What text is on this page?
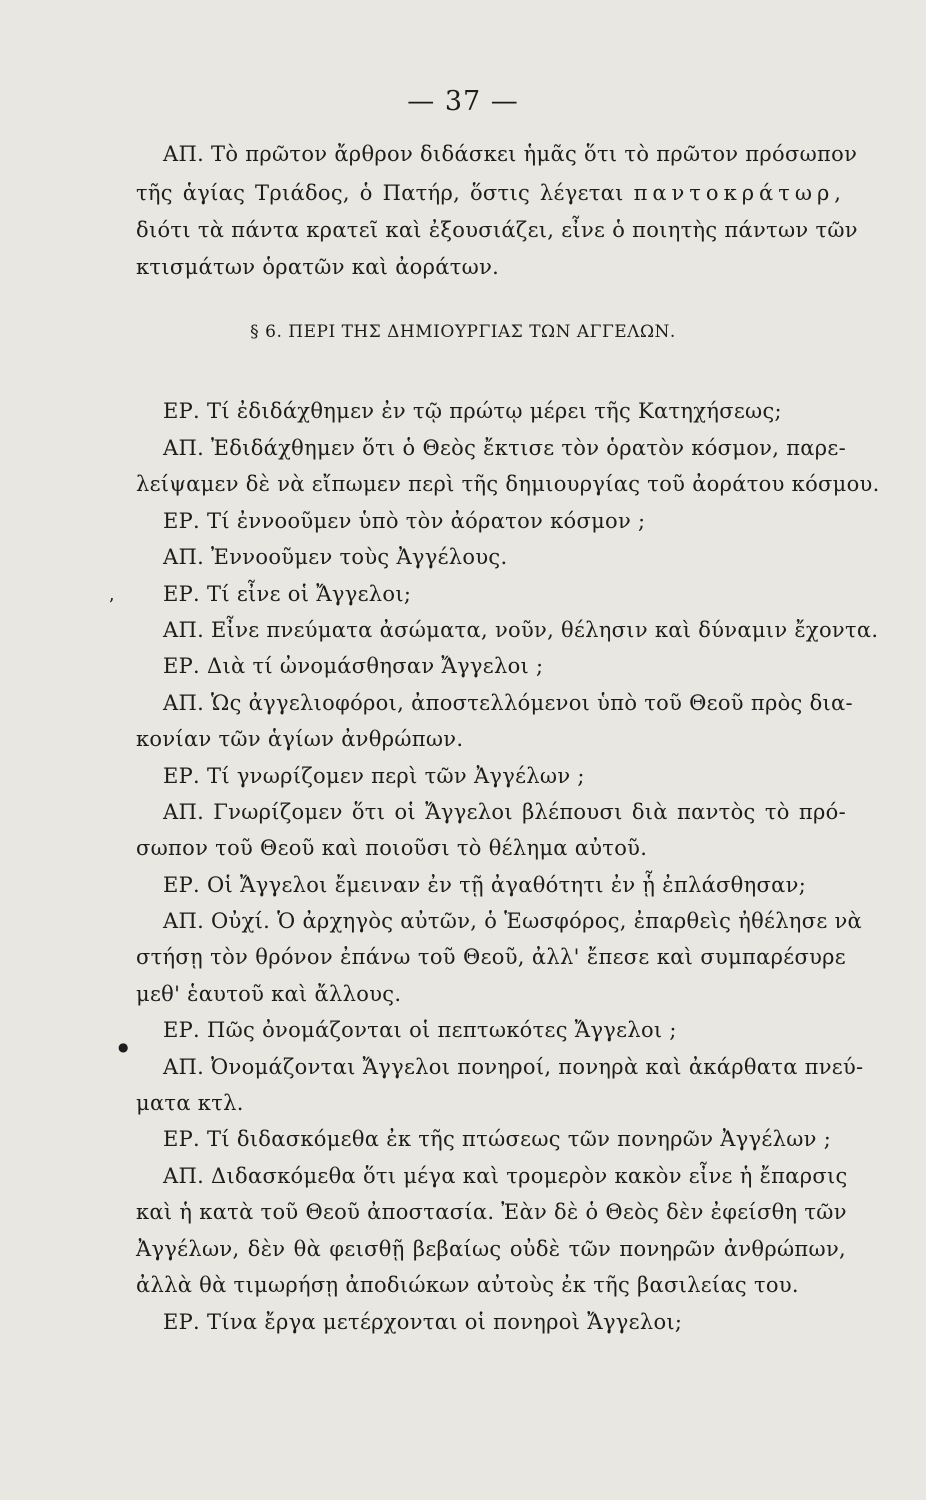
— 37 —
ΑΠ. Τὸ πρῶτον ἄρθρον διδάσκει ἡμᾶς ὅτι τὸ πρῶτον πρόσωπον
τῆς ἁγίας Τριάδος, ὁ Πατήρ, ὅστις λέγεται παντοκράτωρ,
διότι τὰ πάντα κρατεῖ καὶ ἐξουσιάζει, εἶνε ὁ ποιητὴς πάντων τῶν
κτισμάτων ὁρατῶν καὶ ἀοράτων.
§ 6. ΠΕΡΙ ΤΗΣ ΔΗΜΙΟΥΡΓΙΑΣ ΤΩΝ ΑΓΓΕΛΩΝ.
ΕΡ. Τί ἐδιδάχθημεν ἐν τῷ πρώτῳ μέρει τῆς Κατηχήσεως;
ΑΠ. Ἐδιδάχθημεν ὅτι ὁ Θεὸς ἔκτισε τὸν ὁρατὸν κόσμον, παρε-
λείψαμεν δὲ νὰ εἴπωμεν περὶ τῆς δημιουργίας τοῦ ἀοράτου κόσμου.
ΕΡ. Τί ἐννοοῦμεν ὑπὸ τὸν ἀόρατον κόσμον ;
ΑΠ. Ἐννοοῦμεν τοὺς Ἀγγέλους.
ΕΡ. Τί εἶνε οἱ Ἄγγελοι;
ΑΠ. Εἶνε πνεύματα ἀσώματα, νοῦν, θέλησιν καὶ δύναμιν ἔχοντα.
ΕΡ. Διὰ τί ὠνομάσθησαν Ἄγγελοι ;
ΑΠ. Ὡς ἀγγελιοφόροι, ἀποστελλόμενοι ὑπὸ τοῦ Θεοῦ πρὸς δια-
κονίαν τῶν ἁγίων ἀνθρώπων.
ΕΡ. Τί γνωρίζομεν περὶ τῶν Ἀγγέλων ;
ΑΠ. Γνωρίζομεν ὅτι οἱ Ἄγγελοι βλέπουσι διὰ παντὸς τὸ πρό-
σωπον τοῦ Θεοῦ καὶ ποιοῦσι τὸ θέλημα αὐτοῦ.
ΕΡ. Οἱ Ἄγγελοι ἔμειναν ἐν τῇ ἀγαθότητι ἐν ᾗ ἐπλάσθησαν;
ΑΠ. Οὐχί. Ὁ ἀρχηγὸς αὐτῶν, ὁ Ἑωσφόρος, ἐπαρθεὶς ἠθέλησε νὰ
στήσῃ τὸν θρόνον ἐπάνω τοῦ Θεοῦ, ἀλλ' ἔπεσε καὶ συμπαρέσυρε
μεθ' ἑαυτοῦ καὶ ἄλλους.
ΕΡ. Πῶς ὀνομάζονται οἱ πεπτωκότες Ἄγγελοι ;
ΑΠ. Ὀνομάζονται Ἄγγελοι πονηροί, πονηρὰ καὶ ἀκάρθατα πνεύ-
ματα κτλ.
ΕΡ. Τί διδασκόμεθα ἐκ τῆς πτώσεως τῶν πονηρῶν Ἀγγέλων ;
ΑΠ. Διδασκόμεθα ὅτι μέγα καὶ τρομερὸν κακὸν εἶνε ἡ ἔπαρσις
καὶ ἡ κατὰ τοῦ Θεοῦ ἀποστασία. Ἐὰν δὲ ὁ Θεὸς δὲν ἐφείσθη τῶν
Ἀγγέλων, δὲν θὰ φεισθῇ βεβαίως οὐδὲ τῶν πονηρῶν ἀνθρώπων,
ἀλλὰ θὰ τιμωρήσῃ ἀποδιώκων αὐτοὺς ἐκ τῆς βασιλείας του.
ΕΡ. Τίνα ἔργα μετέρχονται οἱ πονηροὶ Ἄγγελοι;
ʼ
●
